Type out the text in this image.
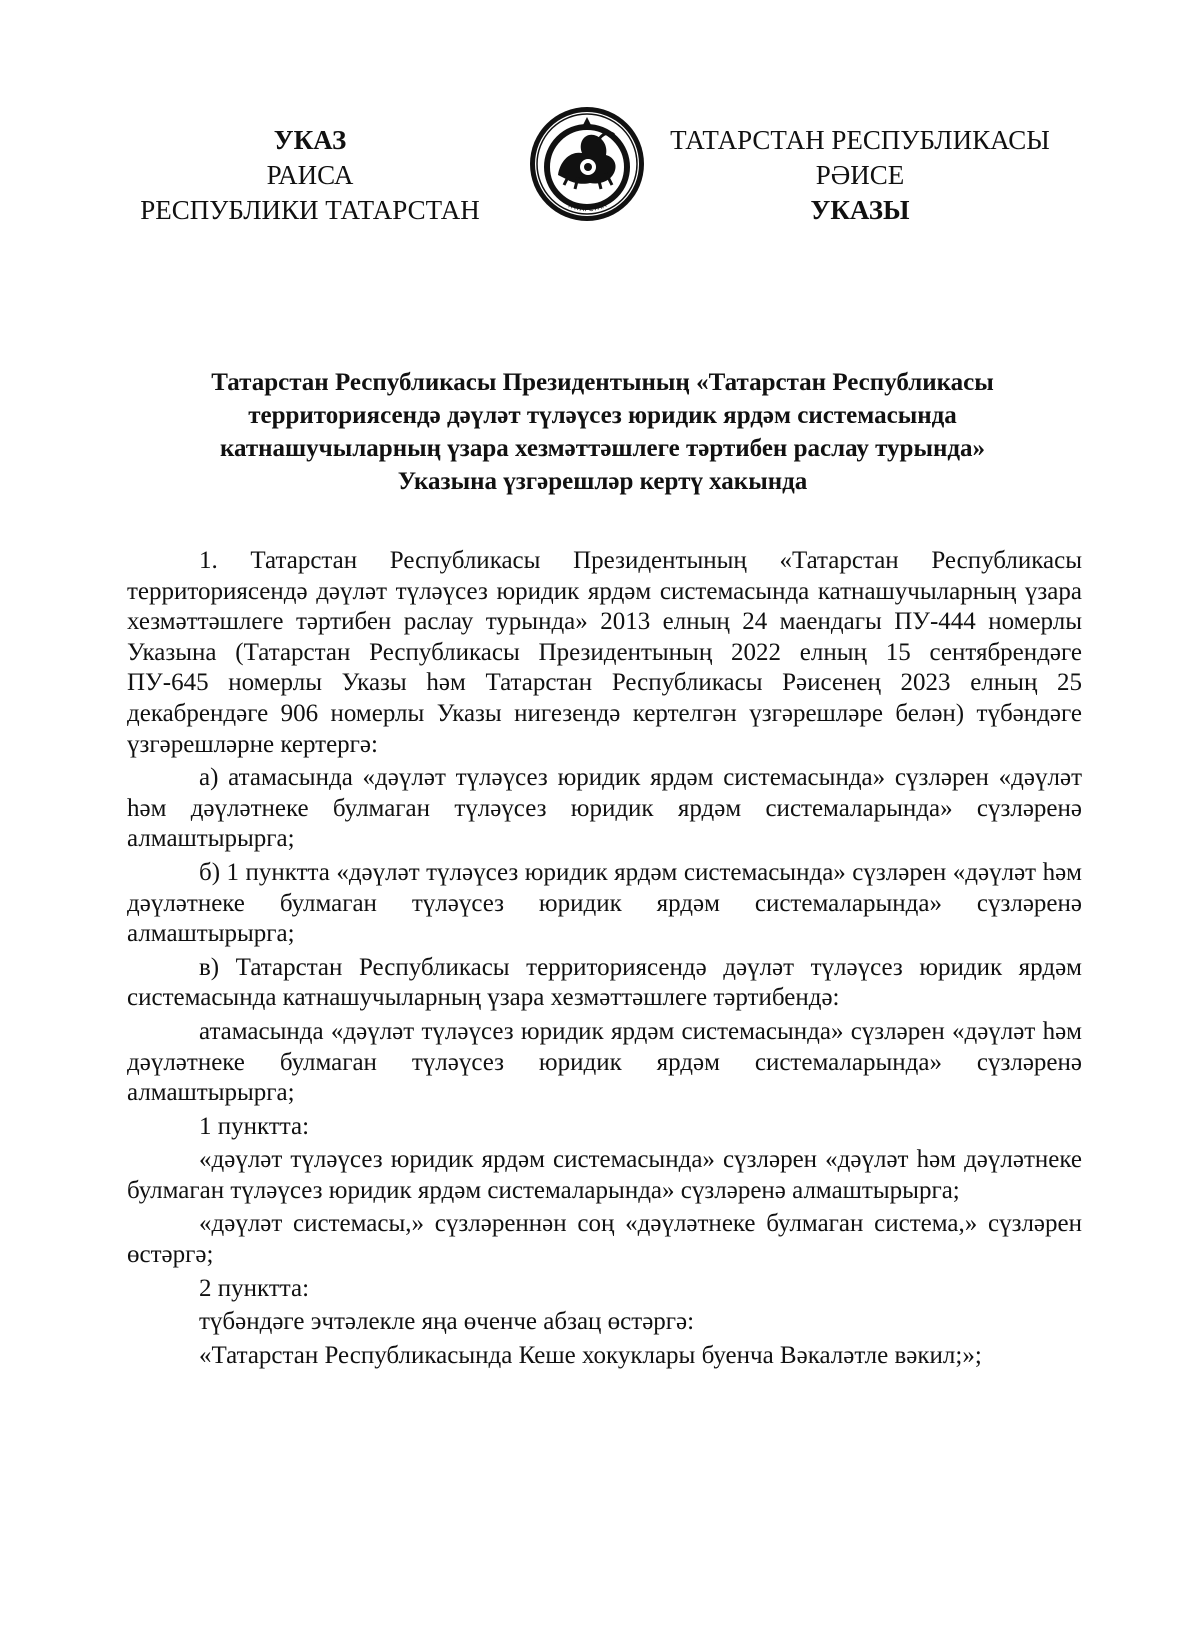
УКАЗ
РАИСА
РЕСПУБЛИКИ ТАТАРСТАН	ТАТАРСТАН
ТАТАРСТАН РЕСПУБЛИКАСЫ
РӘИСЕ
УКАЗЫ
Татарстан Республикасы Президентының «Татарстан Республикасы
территориясендә дәүләт түләүсез юридик ярдәм системасында
катнашучыларның үзара хезмәттәшлеге тәртибен раслау турында»
Указына үзгәрешләр кертү хакында

1. Татарстан Республикасы Президентының «Татарстан Республикасы территориясендә дәүләт түләүсез юридик ярдәм системасында катнашучыларның үзара хезмәттәшлеге тәртибен раслау турында» 2013 елның 24 маендагы ПУ-444 номерлы Указына (Татарстан Республикасы Президентының 2022 елның 15 сентябрендәге ПУ-645 номерлы Указы һәм Татарстан Республикасы Рәисенең 2023 елның 25 декабрендәге 906 номерлы Указы нигезендә кертелгән үзгәрешләре белән) түбәндәге үзгәрешләрне кертергә:

а) атамасында «дәүләт түләүсез юридик ярдәм системасында» сүзләрен «дәүләт һәм дәүләтнеке булмаган түләүсез юридик ярдәм системаларында» сүзләренә алмаштырырга;

б) 1 пунктта «дәүләт түләүсез юридик ярдәм системасында» сүзләрен «дәүләт һәм дәүләтнеке булмаган түләүсез юридик ярдәм системаларында» сүзләренә алмаштырырга;

в) Татарстан Республикасы территориясендә дәүләт түләүсез юридик ярдәм системасында катнашучыларның үзара хезмәттәшлеге тәртибендә:

атамасында «дәүләт түләүсез юридик ярдәм системасында» сүзләрен «дәүләт һәм дәүләтнеке булмаган түләүсез юридик ярдәм системаларында» сүзләренә алмаштырырга;

1 пунктта:

«дәүләт түләүсез юридик ярдәм системасында» сүзләрен «дәүләт һәм дәүләтнеке булмаган түләүсез юридик ярдәм системаларында» сүзләренә алмаштырырга;

«дәүләт системасы,» сүзләреннән соң «дәүләтнеке булмаган система,» сүзләрен өстәргә;

2 пунктта:

түбәндәге эчтәлекле яңа өченче абзац өстәргә:

«Татарстан Республикасында Кеше хокуклары буенча Вәкаләтле вәкил;»;
